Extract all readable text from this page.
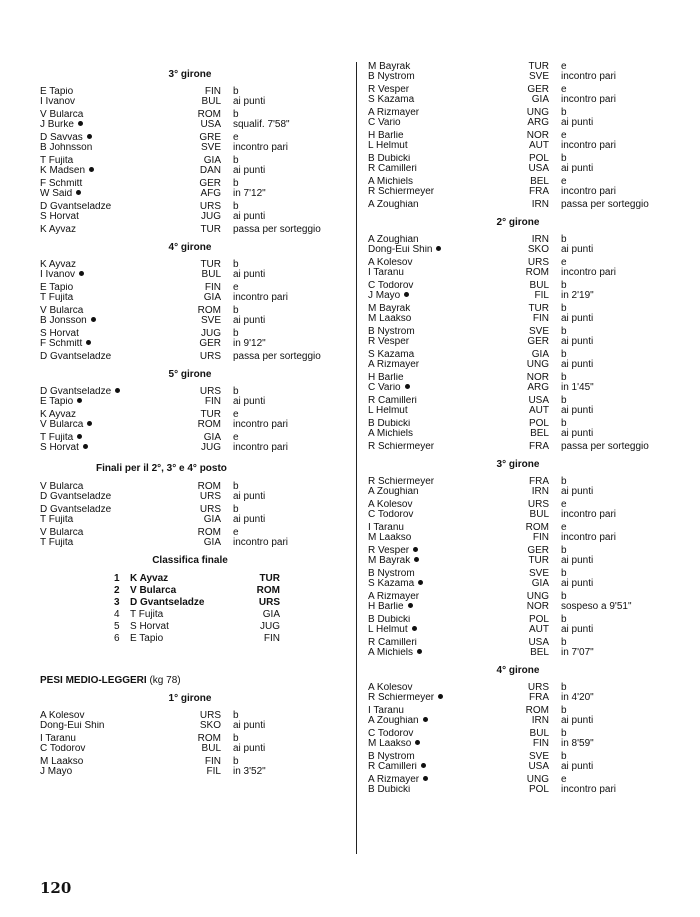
3° girone
E Tapio	FIN	b
I Ivanov	BUL	ai punti
V Bularca	ROM	b
J Burke	USA	squalif. 7'58"
D Savvas	GRE	e
B Johnsson	SVE	incontro pari
T Fujita	GIA	b
K Madsen	DAN	ai punti
F Schmitt	GER	b
W Said	AFG	in 7'12"
D Gvantseladze	URS	b
S Horvat	JUG	ai punti
K Ayvaz	TUR	passa per sorteggio
4° girone
K Ayvaz	TUR	b
I Ivanov	BUL	ai punti
E Tapio	FIN	e
T Fujita	GIA	incontro pari
V Bularca	ROM	b
B Jonsson	SVE	ai punti
S Horvat	JUG	b
F Schmitt	GER	in 9'12"
D Gvantseladze	URS	passa per sorteggio
5° girone
D Gvantseladze	URS	b
E Tapio	FIN	ai punti
K Ayvaz	TUR	e
V Bularca	ROM	incontro pari
T Fujita	GIA	e
S Horvat	JUG	incontro pari
Finali per il 2°, 3° e 4° posto
V Bularca	ROM	b
D Gvantseladze	URS	ai punti
D Gvantseladze	URS	b
T Fujita	GIA	ai punti
V Bularca	ROM	e
T Fujita	GIA	incontro pari
Classifica finale
1	K Ayvaz	TUR
2	V Bularca	ROM
3	D Gvantseladze	URS
4	T Fujita	GIA
5	S Horvat	JUG
6	E Tapio	FIN
PESI MEDIO-LEGGERI (kg 78)
1° girone
A Kolesov	URS	b
Dong-Eui Shin	SKO	ai punti
I Taranu	ROM	b
C Todorov	BUL	ai punti
M Laakso	FIN	b
J Mayo	FIL	in 3'52"
M Bayrak	TUR	e
B Nystrom	SVE	incontro pari
R Vesper	GER	e
S Kazama	GIA	incontro pari
A Rizmayer	UNG	b
C Vario	ARG	ai punti
H Barlie	NOR	e
L Helmut	AUT	incontro pari
B Dubicki	POL	b
R Camilleri	USA	ai punti
A Michiels	BEL	e
R Schiermeyer	FRA	incontro pari
A Zoughian	IRN	passa per sorteggio
2° girone
A Zoughian	IRN	b
Dong-Eui Shin	SKO	ai punti
A Kolesov	URS	e
I Taranu	ROM	incontro pari
C Todorov	BUL	b
J Mayo	FIL	in 2'19"
M Bayrak	TUR	b
M Laakso	FIN	ai punti
B Nystrom	SVE	b
R Vesper	GER	ai punti
S Kazama	GIA	b
A Rizmayer	UNG	ai punti
H Barlie	NOR	b
C Vario	ARG	in 1'45"
R Camilleri	USA	b
L Helmut	AUT	ai punti
B Dubicki	POL	b
A Michiels	BEL	ai punti
R Schiermeyer	FRA	passa per sorteggio
3° girone
R Schiermeyer	FRA	b
A Zoughian	IRN	ai punti
A Kolesov	URS	e
C Todorov	BUL	incontro pari
I Taranu	ROM	e
M Laakso	FIN	incontro pari
R Vesper	GER	b
M Bayrak	TUR	ai punti
B Nystrom	SVE	b
S Kazama	GIA	ai punti
A Rizmayer	UNG	b
H Barlie	NOR	sospeso a 9'51"
B Dubicki	POL	b
L Helmut	AUT	ai punti
R Camilleri	USA	b
A Michiels	BEL	in 7'07"
4° girone
A Kolesov	URS	b
R Schiermeyer	FRA	in 4'20"
I Taranu	ROM	b
A Zoughian	IRN	ai punti
C Todorov	BUL	b
M Laakso	FIN	in 8'59"
B Nystrom	SVE	b
R Camilleri	USA	ai punti
A Rizmayer	UNG	e
B Dubicki	POL	incontro pari
120
